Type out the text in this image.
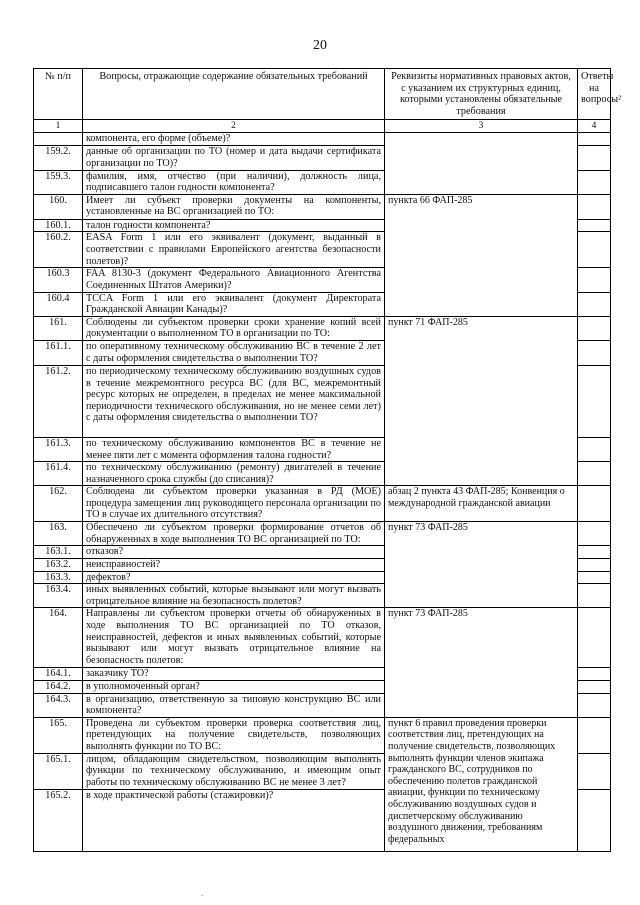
20
№ п/п	Вопросы, отражающие содержание обязательных требований	Реквизиты нормативных правовых актов, с указанием их структурных единиц, которыми установлены обязательные требования	Ответы на вопросы²
1	2	3	4
	компонента, его форме (объеме)?		
159.2.	данные об организации по ТО (номер и дата выдачи сертификата организации по ТО)?		
159.3.	фамилия, имя, отчество (при наличии), должность лица, подписавшего талон годности компонента?		
160.	Имеет ли субъект проверки документы на компоненты, установленные на ВС организацией по ТО:	пункта 66 ФАП-285	
160.1.	талон годности компонента?		
160.2.	EASA Form 1 или его эквивалент (документ, выданный в соответствии с правилами Европейского агентства безопасности полетов)?		
160.3	FAA 8130-3 (документ Федерального Авиационного Агентства Соединенных Штатов Америки)?		
160.4	TCCA Form 1 или его эквивалент (документ Директората Гражданской Авиации Канады)?		
161.	Соблюдены ли субъектом проверки сроки хранение копий всей документации о выполненном ТО в организации по ТО:	пункт 71 ФАП-285	
161.1.	по оперативному техническому обслуживанию ВС в течение 2 лет с даты оформления свидетельства о выполнении ТО?		
161.2.	по периодическому техническому обслуживанию воздушных судов в течение межремонтного ресурса ВС (для ВС, межремонтный ресурс которых не определен, в пределах не менее максимальной периодичности технического обслуживания, но не менее семи лет) с даты оформления свидетельства о выполнении ТО?		
161.3.	по техническому обслуживанию компонентов ВС в течение не менее пяти лет с момента оформления талона годности?		
161.4.	по техническому обслуживанию (ремонту) двигателей в течение назначенного срока службы (до списания)?		
162.	Соблюдена ли субъектом проверки указанная в РД (МОЕ) процедура замещения лиц руководящего персонала организации по ТО в случае их длительного отсутствия?	абзац 2 пункта 43 ФАП-285; Конвенция о международной гражданской авиации	
163.	Обеспечено ли субъектом проверки формирование отчетов об обнаруженных в ходе выполнения ТО ВС организацией по ТО:	пункт 73 ФАП-285	
163.1.	отказов?		
163.2.	неисправностей?		
163.3.	дефектов?		
163.4.	иных выявленных событий, которые вызывают или могут вызвать отрицательное влияние на безопасность полетов?		
164.	Направлены ли субъектом проверки отчеты об обнаруженных в ходе выполнения ТО ВС организацией по ТО отказов, неисправностей, дефектов и иных выявленных событий, которые вызывают или могут вызвать отрицательное влияние на безопасность полетов:	пункт 73 ФАП-285	
164.1.	заказчику ТО?		
164.2.	в уполномоченный орган?		
164.3.	в организацию, ответственную за типовую конструкцию ВС или компонента?		
165.	Проведена ли субъектом проверки проверка соответствия лиц, претендующих на получение свидетельств, позволяющих выполнять функции по ТО ВС:	пункт 6 правил проведения проверки соответствия лиц, претендующих на получение свидетельств, позволяющих выполнять функции членов экипажа гражданского ВС, сотрудников по обеспечению полетов гражданской авиации, функции по техническому обслуживанию воздушных судов и диспетчерскому обслуживанию воздушного движения, требованиям федеральных	
165.1.	лицом, обладающим свидетельством, позволяющим выполнять функции по техническому обслуживанию, и имеющим опыт работы по техническому обслуживанию ВС не менее 3 лет?		
165.2.	в ходе практической работы (стажировки)?		
.
